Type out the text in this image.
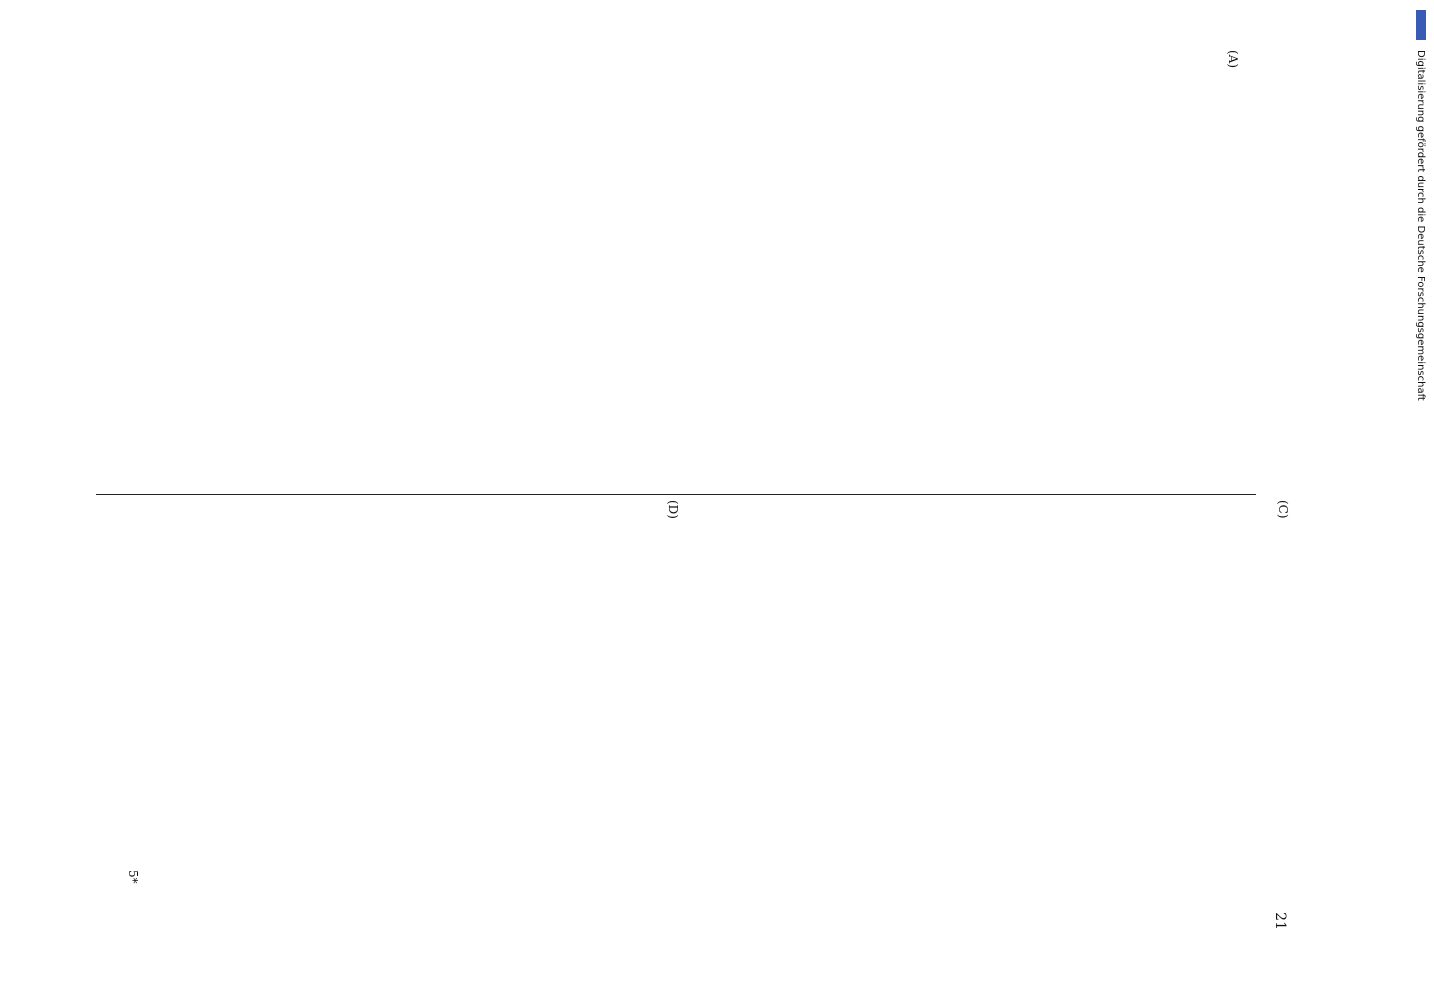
21

(A)
(C)
(D)
5*
Digitalisierung gefördert durch die Deutsche Forschungsgemeinschaft
